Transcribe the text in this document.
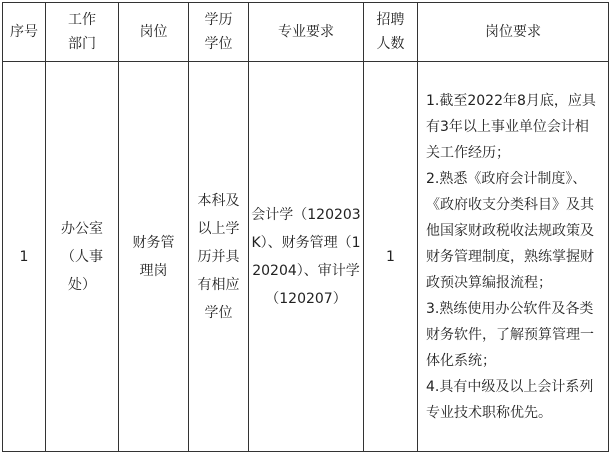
序号	工作部门	岗位	学历学位	专业要求	招聘人数	岗位要求

1	办公室（人事处）	财务管理岗	本科及以上学历并具有相应学位	会计学（120203K）、财务管理（120204）、审计学（120207）	1	1.截至2022年8月底，应具有3年以上事业单位会计相关工作经历；
2.熟悉《政府会计制度》、《政府收支分类科目》及其他国家财政税收法规政策及财务管理制度，熟练掌握财政预决算编报流程；
3.熟练使用办公软件及各类财务软件，了解预算管理一体化系统；
4.具有中级及以上会计系列专业技术职称优先。
